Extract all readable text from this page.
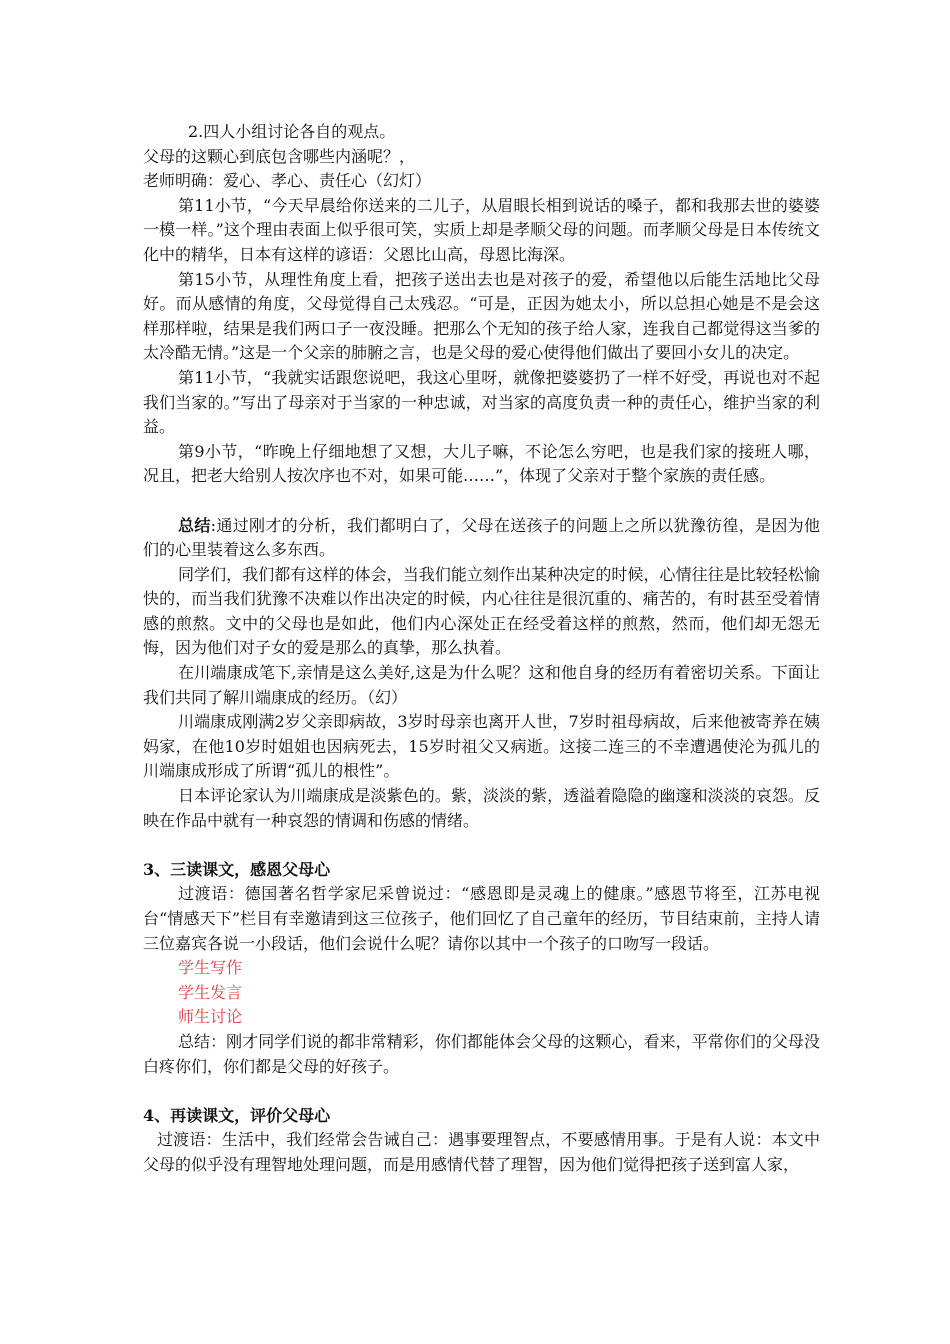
2.四人小组讨论各自的观点。

父母的这颗心到底包含哪些内涵呢？，

老师明确：爱心、孝心、责任心（幻灯）

第11小节，“今天早晨给你送来的二儿子，从眉眼长相到说话的嗓子，都和我那去世的婆婆一模一样。”这个理由表面上似乎很可笑，实质上却是孝顺父母的问题。而孝顺父母是日本传统文化中的精华，日本有这样的谚语：父恩比山高，母恩比海深。

第15小节，从理性角度上看，把孩子送出去也是对孩子的爱，希望他以后能生活地比父母好。而从感情的角度，父母觉得自己太残忍。“可是，正因为她太小，所以总担心她是不是会这样那样啦，结果是我们两口子一夜没睡。把那么个无知的孩子给人家，连我自己都觉得这当爹的太冷酷无情。”这是一个父亲的肺腑之言，也是父母的爱心使得他们做出了要回小女儿的决定。

第11小节，“我就实话跟您说吧，我这心里呀，就像把婆婆扔了一样不好受，再说也对不起我们当家的。”写出了母亲对于当家的一种忠诚，对当家的高度负责一种的责任心，维护当家的利益。

第9小节，“昨晚上仔细地想了又想，大儿子嘛，不论怎么穷吧，也是我们家的接班人哪，况且，把老大给别人按次序也不对，如果可能……”，体现了父亲对于整个家族的责任感。

总结:通过刚才的分析，我们都明白了，父母在送孩子的问题上之所以犹豫彷徨，是因为他们的心里装着这么多东西。

同学们，我们都有这样的体会，当我们能立刻作出某种决定的时候，心情往往是比较轻松愉快的，而当我们犹豫不决难以作出决定的时候，内心往往是很沉重的、痛苦的，有时甚至受着情感的煎熬。文中的父母也是如此，他们内心深处正在经受着这样的煎熬，然而，他们却无怨无悔，因为他们对子女的爱是那么的真挚，那么执着。

在川端康成笔下,亲情是这么美好,这是为什么呢？这和他自身的经历有着密切关系。下面让我们共同了解川端康成的经历。（幻）

川端康成刚满2岁父亲即病故，3岁时母亲也离开人世，7岁时祖母病故，后来他被寄养在姨妈家，在他10岁时姐姐也因病死去，15岁时祖父又病逝。这接二连三的不幸遭遇使沦为孤儿的川端康成形成了所谓“孤儿的根性”。

日本评论家认为川端康成是淡紫色的。紫，淡淡的紫，透溢着隐隐的幽邃和淡淡的哀怨。反映在作品中就有一种哀怨的情调和伤感的情绪。

3、三读课文，感恩父母心

过渡语：德国著名哲学家尼采曾说过：“感恩即是灵魂上的健康。”感恩节将至，江苏电视台“情感天下”栏目有幸邀请到这三位孩子，他们回忆了自己童年的经历，节目结束前，主持人请三位嘉宾各说一小段话，他们会说什么呢？请你以其中一个孩子的口吻写一段话。

学生写作

学生发言

师生讨论

总结：刚才同学们说的都非常精彩，你们都能体会父母的这颗心，看来，平常你们的父母没白疼你们，你们都是父母的好孩子。

4、再读课文，评价父母心

过渡语：生活中，我们经常会告诫自己：遇事要理智点，不要感情用事。于是有人说：本文中父母的似乎没有理智地处理问题，而是用感情代替了理智，因为他们觉得把孩子送到富人家，
